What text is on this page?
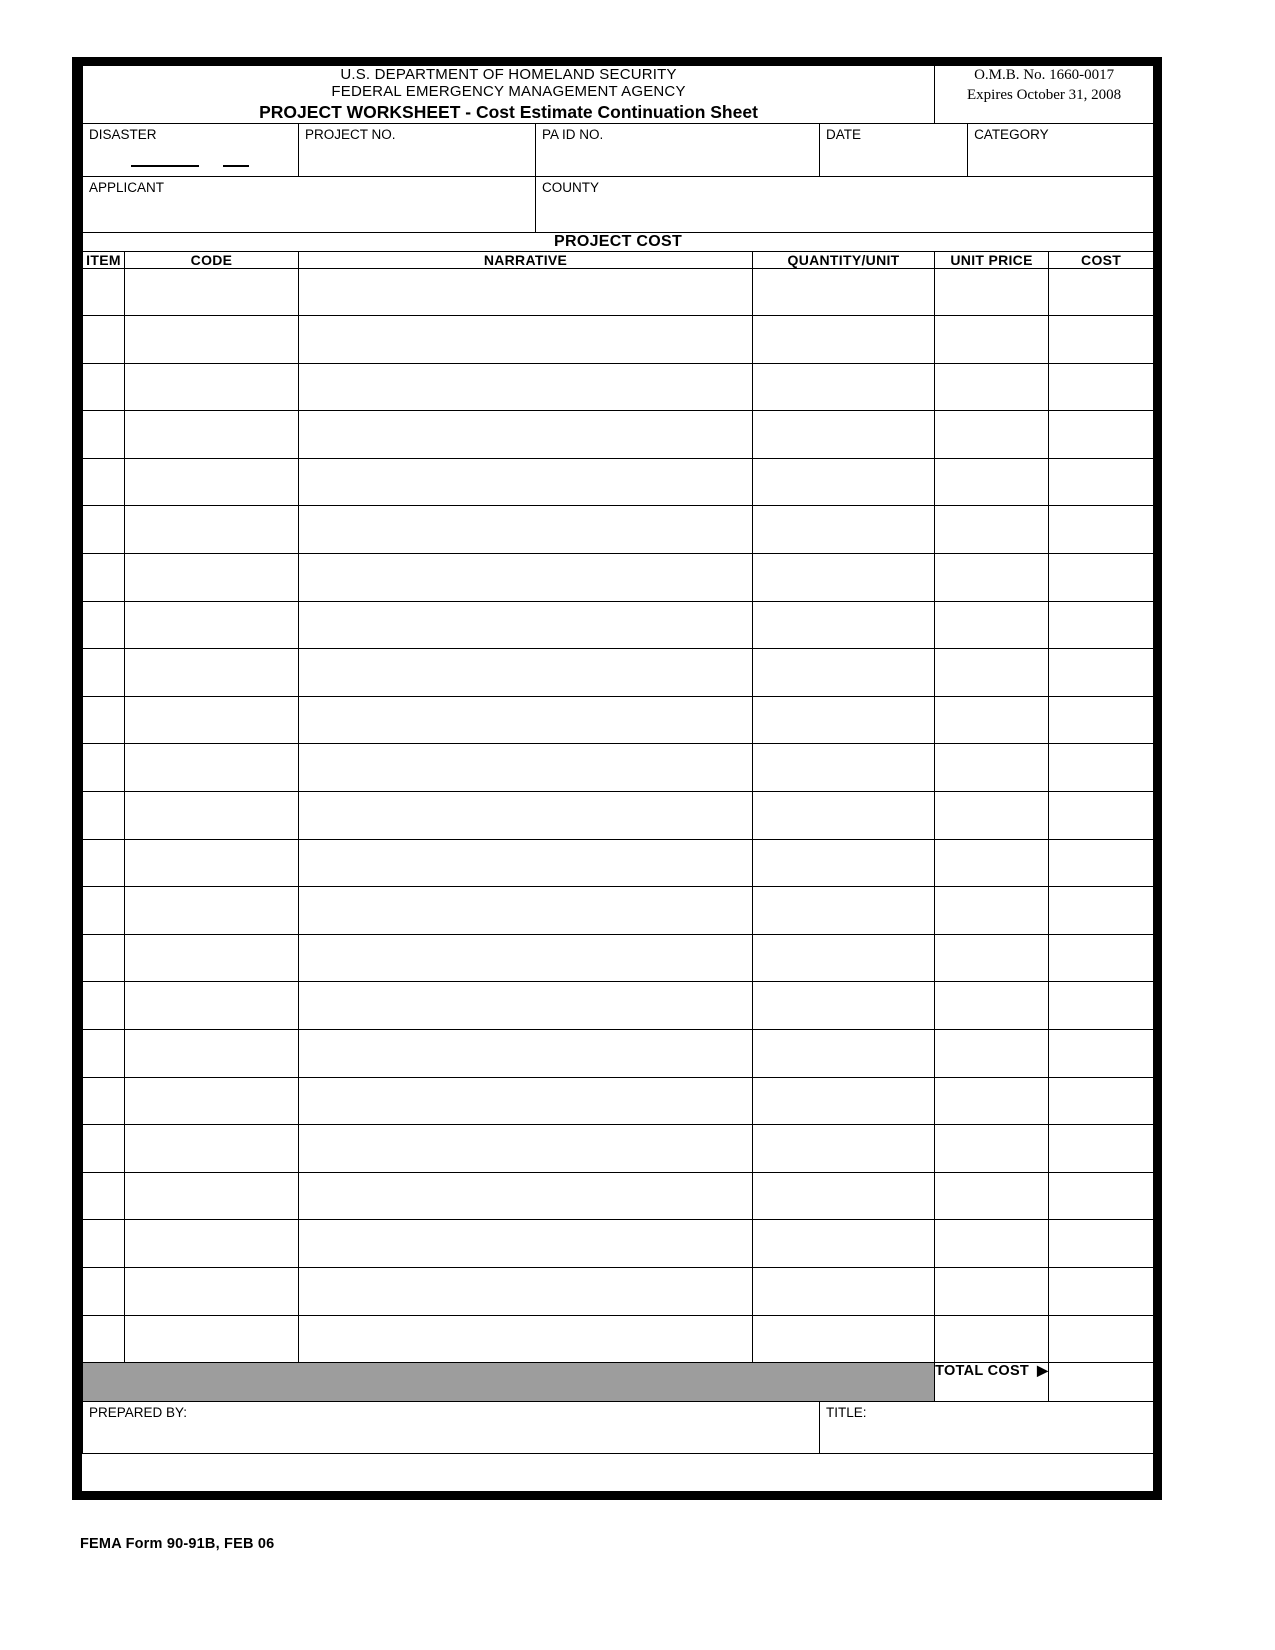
U.S. DEPARTMENT OF HOMELAND SECURITY
FEDERAL EMERGENCY MANAGEMENT AGENCY
PROJECT WORKSHEET - Cost Estimate Continuation Sheet

O.M.B. No. 1660-0017
Expires October 31, 2008

DISASTER		PROJECT NO.	PA ID NO.		DATE		CATEGORY	

APPLICANT			COUNTY					

PROJECT COST								
ITEM	CODE	NARRATIVE		QUANTITY/UNIT		UNIT PRICE		COST

						TOTAL COST ▶		

PREPARED BY:					TITLE:			
FEMA Form 90-91B, FEB 06
